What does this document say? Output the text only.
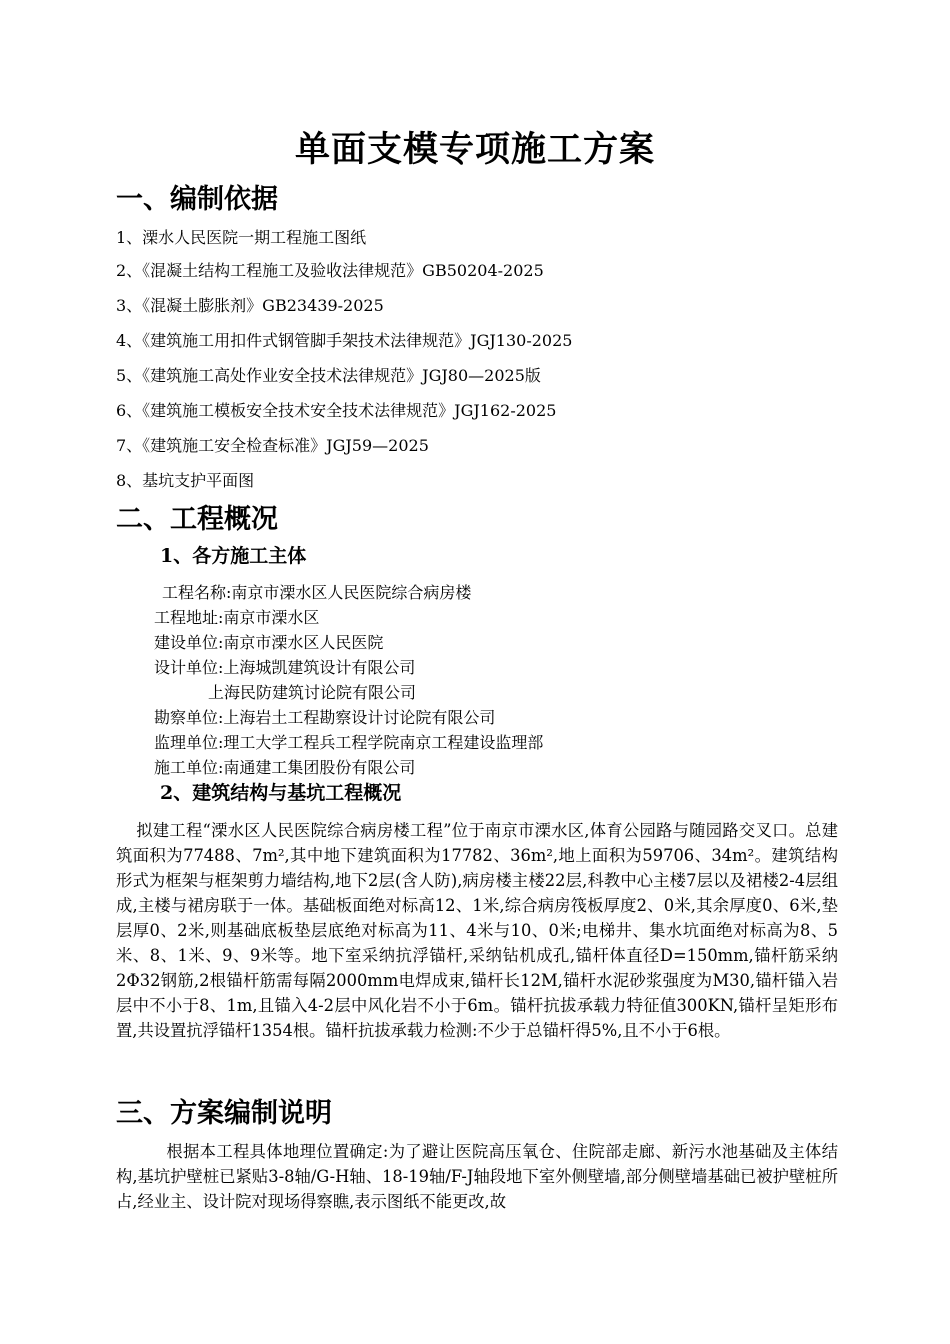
单面支模专项施工方案
一、编制依据
1、溧水人民医院一期工程施工图纸
2、《混凝土结构工程施工及验收法律规范》GB50204-2025
3、《混凝土膨胀剂》GB23439-2025
4、《建筑施工用扣件式钢管脚手架技术法律规范》JGJ130-2025
5、《建筑施工高处作业安全技术法律规范》JGJ80—2025版
6、《建筑施工模板安全技术安全技术法律规范》JGJ162-2025
7、《建筑施工安全检查标准》JGJ59—2025
8、基坑支护平面图
二、工程概况
1、各方施工主体
工程名称:南京市溧水区人民医院综合病房楼
工程地址:南京市溧水区
建设单位:南京市溧水区人民医院
设计单位:上海城凯建筑设计有限公司
上海民防建筑讨论院有限公司
勘察单位:上海岩土工程勘察设计讨论院有限公司
监理单位:理工大学工程兵工程学院南京工程建设监理部
施工单位:南通建工集团股份有限公司
2、建筑结构与基坑工程概况
拟建工程“溧水区人民医院综合病房楼工程”位于南京市溧水区,体育公园路与随园路交叉口。总建筑面积为77488、7m²,其中地下建筑面积为17782、36m²,地上面积为59706、34m²。建筑结构形式为框架与框架剪力墙结构,地下2层(含人防),病房楼主楼22层,科教中心主楼7层以及裙楼2-4层组成,主楼与裙房联于一体。基础板面绝对标高12、1米,综合病房筏板厚度2、0米,其余厚度0、6米,垫层厚0、2米,则基础底板垫层底绝对标高为11、4米与10、0米;电梯井、集水坑面绝对标高为8、5米、8、1米、9、9米等。地下室采纳抗浮锚杆,采纳钻机成孔,锚杆体直径D=150mm,锚杆筋采纳2Φ32钢筋,2根锚杆筋需每隔2000mm电焊成束,锚杆长12M,锚杆水泥砂浆强度为M30,锚杆锚入岩层中不小于8、1m,且锚入4-2层中风化岩不小于6m。锚杆抗拔承载力特征值300KN,锚杆呈矩形布置,共设置抗浮锚杆1354根。锚杆抗拔承载力检测:不少于总锚杆得5%,且不小于6根。
三、方案编制说明
根据本工程具体地理位置确定:为了避让医院高压氧仓、住院部走廊、新污水池基础及主体结构,基坑护壁桩已紧贴3-8轴/G-H轴、18-19轴/F-J轴段地下室外侧壁墙,部分侧壁墙基础已被护壁桩所占,经业主、设计院对现场得察瞧,表示图纸不能更改,故
